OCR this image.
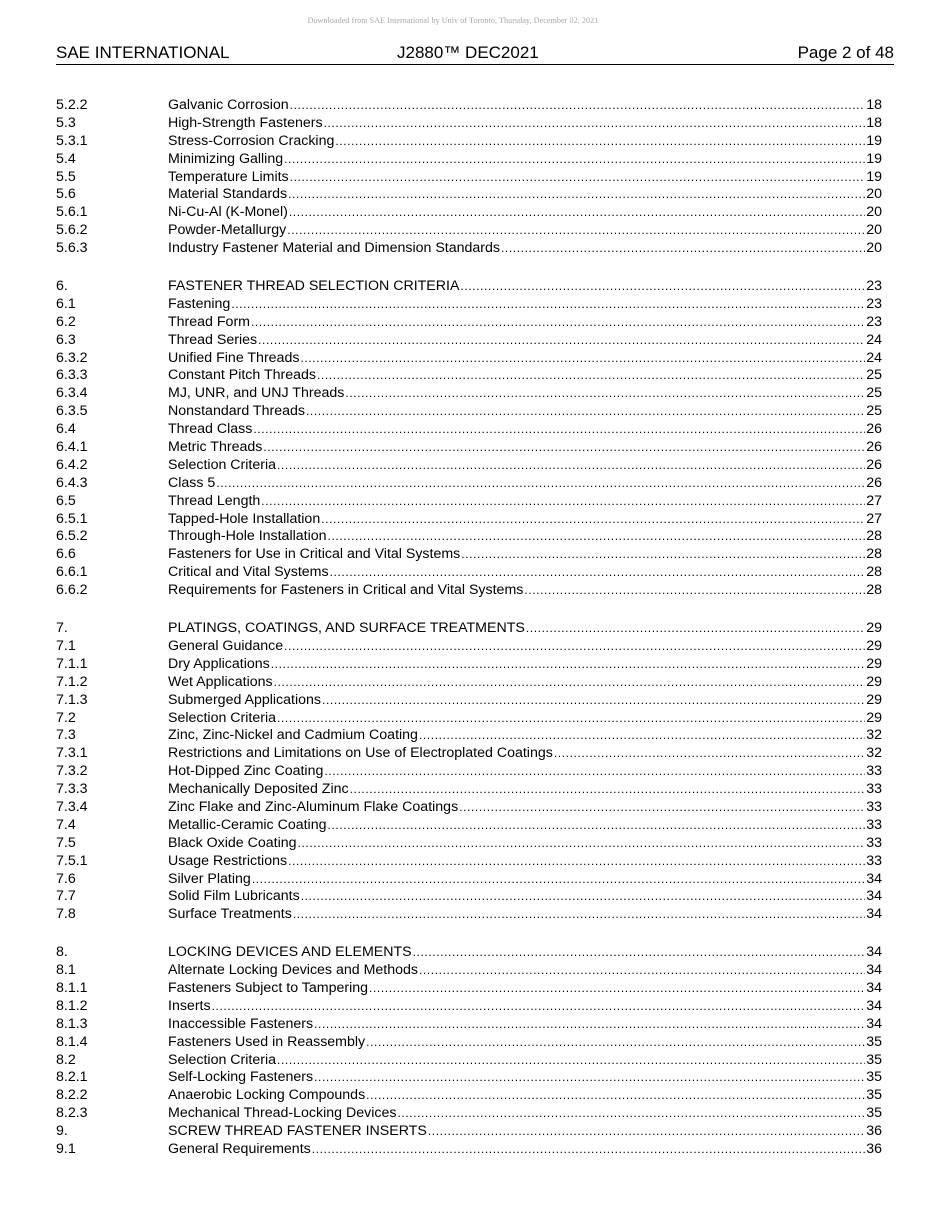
Downloaded from SAE International by Univ of Toronto, Thursday, December 02, 2021
SAE INTERNATIONAL	J2880™ DEC2021	Page 2 of 48
5.2.2	Galvanic Corrosion .....	18
5.3	High-Strength Fasteners .....	18
5.3.1	Stress-Corrosion Cracking .....	19
5.4	Minimizing Galling .....	19
5.5	Temperature Limits .....	19
5.6	Material Standards .....	20
5.6.1	Ni-Cu-Al (K-Monel) .....	20
5.6.2	Powder-Metallurgy .....	20
5.6.3	Industry Fastener Material and Dimension Standards .....	20
6.	FASTENER THREAD SELECTION CRITERIA .....	23
6.1	Fastening .....	23
6.2	Thread Form .....	23
6.3	Thread Series .....	24
6.3.2	Unified Fine Threads .....	24
6.3.3	Constant Pitch Threads .....	25
6.3.4	MJ, UNR, and UNJ Threads .....	25
6.3.5	Nonstandard Threads .....	25
6.4	Thread Class .....	26
6.4.1	Metric Threads .....	26
6.4.2	Selection Criteria .....	26
6.4.3	Class 5 .....	26
6.5	Thread Length .....	27
6.5.1	Tapped-Hole Installation .....	27
6.5.2	Through-Hole Installation .....	28
6.6	Fasteners for Use in Critical and Vital Systems .....	28
6.6.1	Critical and Vital Systems .....	28
6.6.2	Requirements for Fasteners in Critical and Vital Systems .....	28
7.	PLATINGS, COATINGS, AND SURFACE TREATMENTS .....	29
7.1	General Guidance .....	29
7.1.1	Dry Applications .....	29
7.1.2	Wet Applications .....	29
7.1.3	Submerged Applications .....	29
7.2	Selection Criteria .....	29
7.3	Zinc, Zinc-Nickel and Cadmium Coating .....	32
7.3.1	Restrictions and Limitations on Use of Electroplated Coatings .....	32
7.3.2	Hot-Dipped Zinc Coating .....	33
7.3.3	Mechanically Deposited Zinc .....	33
7.3.4	Zinc Flake and Zinc-Aluminum Flake Coatings .....	33
7.4	Metallic-Ceramic Coating .....	33
7.5	Black Oxide Coating .....	33
7.5.1	Usage Restrictions .....	33
7.6	Silver Plating .....	34
7.7	Solid Film Lubricants .....	34
7.8	Surface Treatments .....	34
8.	LOCKING DEVICES AND ELEMENTS .....	34
8.1	Alternate Locking Devices and Methods .....	34
8.1.1	Fasteners Subject to Tampering .....	34
8.1.2	Inserts .....	34
8.1.3	Inaccessible Fasteners .....	34
8.1.4	Fasteners Used in Reassembly .....	35
8.2	Selection Criteria .....	35
8.2.1	Self-Locking Fasteners .....	35
8.2.2	Anaerobic Locking Compounds .....	35
8.2.3	Mechanical Thread-Locking Devices .....	35
9.	SCREW THREAD FASTENER INSERTS .....	36
9.1	General Requirements .....	36
